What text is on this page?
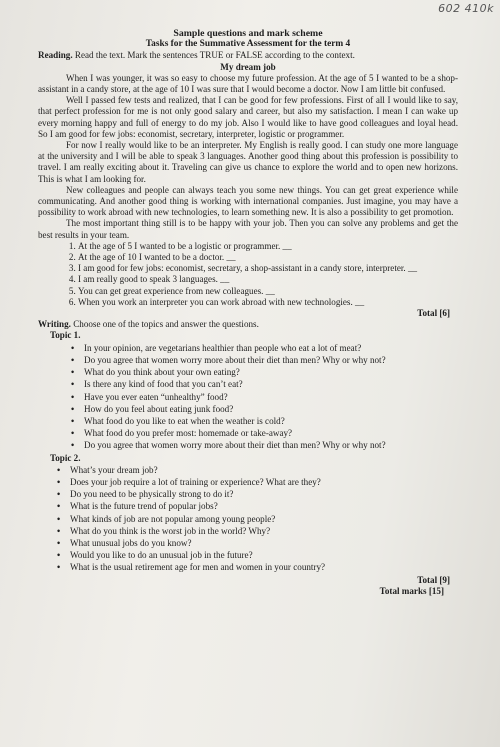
602 410k
Sample questions and mark scheme
Tasks for the Summative Assessment for the term 4
Reading. Read the text. Mark the sentences TRUE or FALSE according to the context.
My dream job

When I was younger, it was so easy to choose my future profession. At the age of 5 I wanted to be a shop-assistant in a candy store, at the age of 10 I was sure that I would become a doctor. Now I am little bit confused.

Well I passed few tests and realized, that I can be good for few professions. First of all I would like to say, that perfect profession for me is not only good salary and career, but also my satisfaction. I mean I can wake up every morning happy and full of energy to do my job. Also I would like to have good colleagues and loyal head. So I am good for few jobs: economist, secretary, interpreter, logistic or programmer.

For now I really would like to be an interpreter. My English is really good. I can study one more language at the university and I will be able to speak 3 languages. Another good thing about this profession is possibility to travel. I am really exciting about it. Traveling can give us chance to explore the world and to open new horizons. This is what I am looking for.

New colleagues and people can always teach you some new things. You can get great experience while communicating. And another good thing is working with international companies. Just imagine, you may have a possibility to work abroad with new technologies, to learn something new. It is also a possibility to get promotion.

The most important thing still is to be happy with your job. Then you can solve any problems and get the best results in your team.

1. At the age of 5 I wanted to be a logistic or programmer. __
2. At the age of 10 I wanted to be a doctor. __
3. I am good for few jobs: economist, secretary, a shop-assistant in a candy store, interpreter. __
4. I am really good to speak 3 languages. __
5. You can get great experience from new colleagues. __
6. When you work an interpreter you can work abroad with new technologies. __
Total [6]
Writing. Choose one of the topics and answer the questions.
Topic 1.
• In your opinion, are vegetarians healthier than people who eat a lot of meat?
• Do you agree that women worry more about their diet than men? Why or why not?
• What do you think about your own eating?
• Is there any kind of food that you can’t eat?
• Have you ever eaten “unhealthy” food?
• How do you feel about eating junk food?
• What food do you like to eat when the weather is cold?
• What food do you prefer most: homemade or take-away?
• Do you agree that women worry more about their diet than men? Why or why not?
Topic 2.
• What’s your dream job?
• Does your job require a lot of training or experience? What are they?
• Do you need to be physically strong to do it?
• What is the future trend of popular jobs?
• What kinds of job are not popular among young people?
• What do you think is the worst job in the world? Why?
• What unusual jobs do you know?
• Would you like to do an unusual job in the future?
• What is the usual retirement age for men and women in your country?
Total [9]
Total marks [15]
